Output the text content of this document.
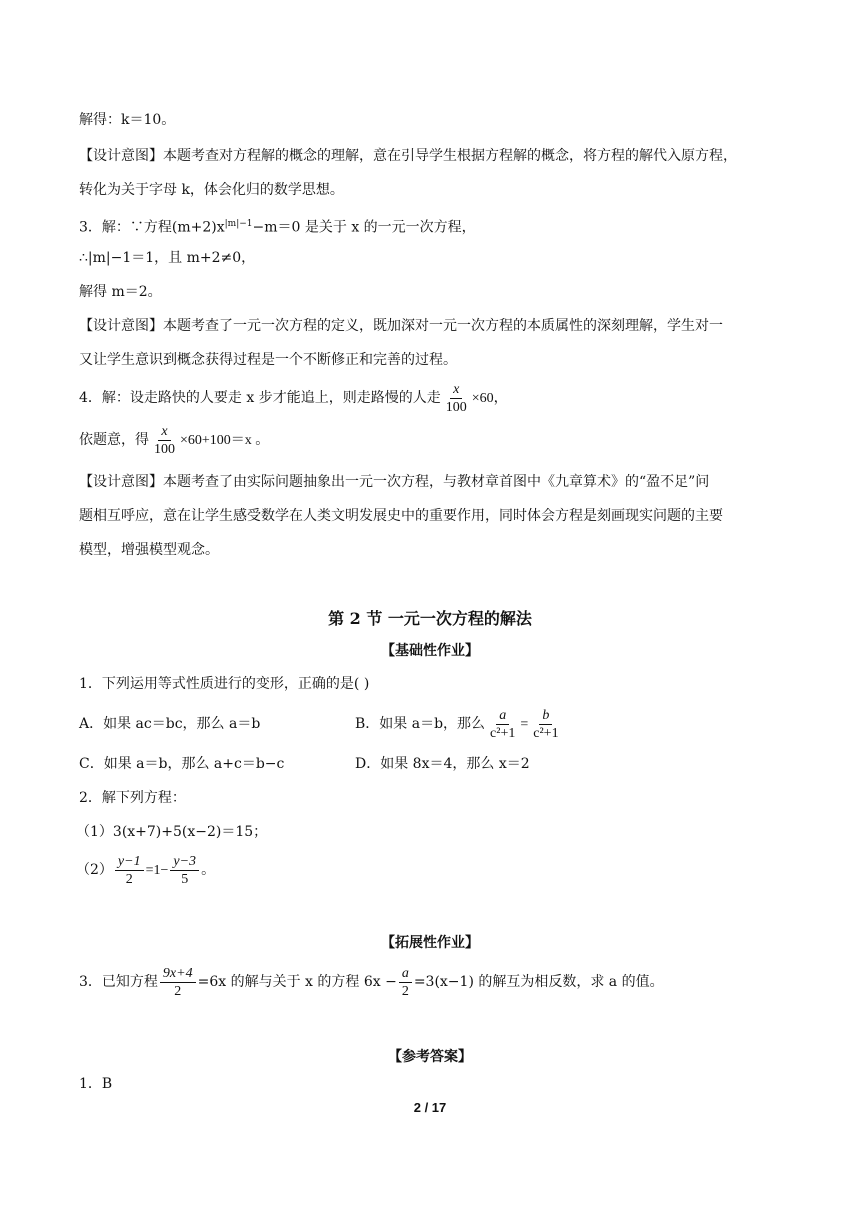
解得：k＝10。
【设计意图】本题考查对方程解的概念的理解，意在引导学生根据方程解的概念，将方程的解代入原方程，
转化为关于字母 k，体会化归的数学思想。
3．解：∵方程$(m+2)x^{|m|-1}-m=0$ 是关于 x 的一元一次方程，
∴|m|−1＝1，且 m+2≠0，
解得 m＝2。
【设计意图】本题考查了一元一次方程的定义，既加深对一元一次方程的本质属性的深刻理解，学生对一
又让学生意识到概念获得过程是一个不断修正和完善的过程。
4．解：设走路快的人要走 x 步才能追上，则走路慢的人走 $\frac{x}{100} \times 60$，
依题意，得 $\frac{x}{100} \times 60+100=x$ 。
【设计意图】本题考查了由实际问题抽象出一元一次方程，与教材章首图中《九章算术》的“盈不足”问
题相互呼应，意在让学生感受数学在人类文明发展史中的重要作用，同时体会方程是刻画现实问题的主要
模型，增强模型观念。
第 2 节 一元一次方程的解法
【基础性作业】
1．下列运用等式性质进行的变形，正确的是( )
A．如果 ac＝bc，那么 a＝b	B．如果 a＝b，那么 $\frac{a}{\text{c²+1}} = \frac{b}{\text{c²+1}}$
C．如果 a＝b，那么 a+c＝b−c	D．如果 8x＝4，那么 x＝2
2．解下列方程：
（1）3(x+7)+5(x−2)＝15；
$(2) \frac{y-1}{2} =1- \frac{y-3}{5}$ 。
【拓展性作业】
3．已知方程 $\frac{9x+4}{2} =6x$ 的解与关于 x 的方程 $6x - \frac{a}{2} =3(x-1)$ 的解互为相反数，求 a 的值。
【参考答案】
1．B
2 / 17
